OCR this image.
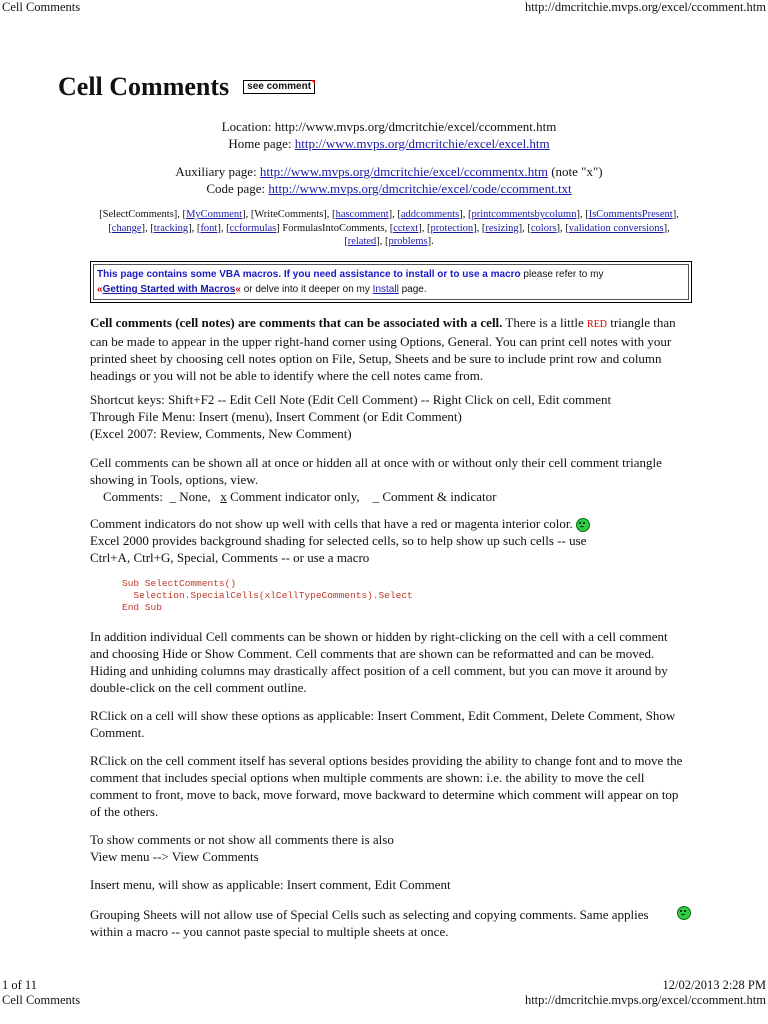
Cell Comments	http://dmcritchie.mvps.org/excel/ccomment.htm
Cell Comments	see comment

Location: http://www.mvps.org/dmcritchie/excel/ccomment.htm

Home page: http://www.mvps.org/dmcritchie/excel/excel.htm

Auxiliary page: http://www.mvps.org/dmcritchie/excel/ccommentx.htm (note "x")

Code page: http://www.mvps.org/dmcritchie/excel/code/ccomment.txt

[SelectComments], [MyComment], [WriteComments], [hascomment], [addcomments], [printcommentsbycolumn], [IsCommentsPresent], [change], [tracking], [font], [ccformulas] FormulasIntoComments, [cctext], [protection], [resizing], [colors], [validation conversions], [related], [problems].
This page contains some VBA macros. If you need assistance to install or to use a macro please refer to my
«Getting Started with Macros« or delve into it deeper on my Install page.
Cell comments (cell notes) are comments that can be associated with a cell. There is a little RED triangle than can be made to appear in the upper right-hand corner using Options, General. You can print cell notes with your printed sheet by choosing cell notes option on File, Setup, Sheets and be sure to include print row and column headings or you will not be able to identify where the cell notes came from.

Shortcut keys: Shift+F2 -- Edit Cell Note (Edit Cell Comment) -- Right Click on cell, Edit comment

Through File Menu: Insert (menu), Insert Comment (or Edit Comment)

(Excel 2007: Review, Comments, New Comment)

Cell comments can be shown all at once or hidden all at once with or without only their cell comment triangle showing in Tools, options, view.

Comments:  _ None,   x Comment indicator only,    _ Comment & indicator

Comment indicators do not show up well with cells that have a red or magenta interior color.

Excel 2000 provides background shading for selected cells, so to help show up such cells -- use

Ctrl+A, Ctrl+G, Special, Comments -- or use a macro

Sub SelectComments()
Selection.SpecialCells(xlCellTypeComments).Select
End Sub
In addition individual Cell comments can be shown or hidden by right-clicking on the cell with a cell comment and choosing Hide or Show Comment. Cell comments that are shown can be reformatted and can be moved. Hiding and unhiding columns may drastically affect position of a cell comment, but you can move it around by double-click on the cell comment outline.
RClick on a cell will show these options as applicable: Insert Comment, Edit Comment, Delete Comment, Show Comment.
RClick on the cell comment itself has several options besides providing the ability to change font and to move the comment that includes special options when multiple comments are shown: i.e. the ability to move the cell comment to front, move to back, move forward, move backward to determine which comment will appear on top of the others.

To show comments or not show all comments there is also

View menu --> View Comments

Insert menu, will show as applicable: Insert comment, Edit Comment

Grouping Sheets will not allow use of Special Cells such as selecting and copying comments. Same applies

within a macro -- you cannot paste special to multiple sheets at once.

1 of 11	12/02/2013 2:28 PM
Cell Comments	http://dmcritchie.mvps.org/excel/ccomment.htm
